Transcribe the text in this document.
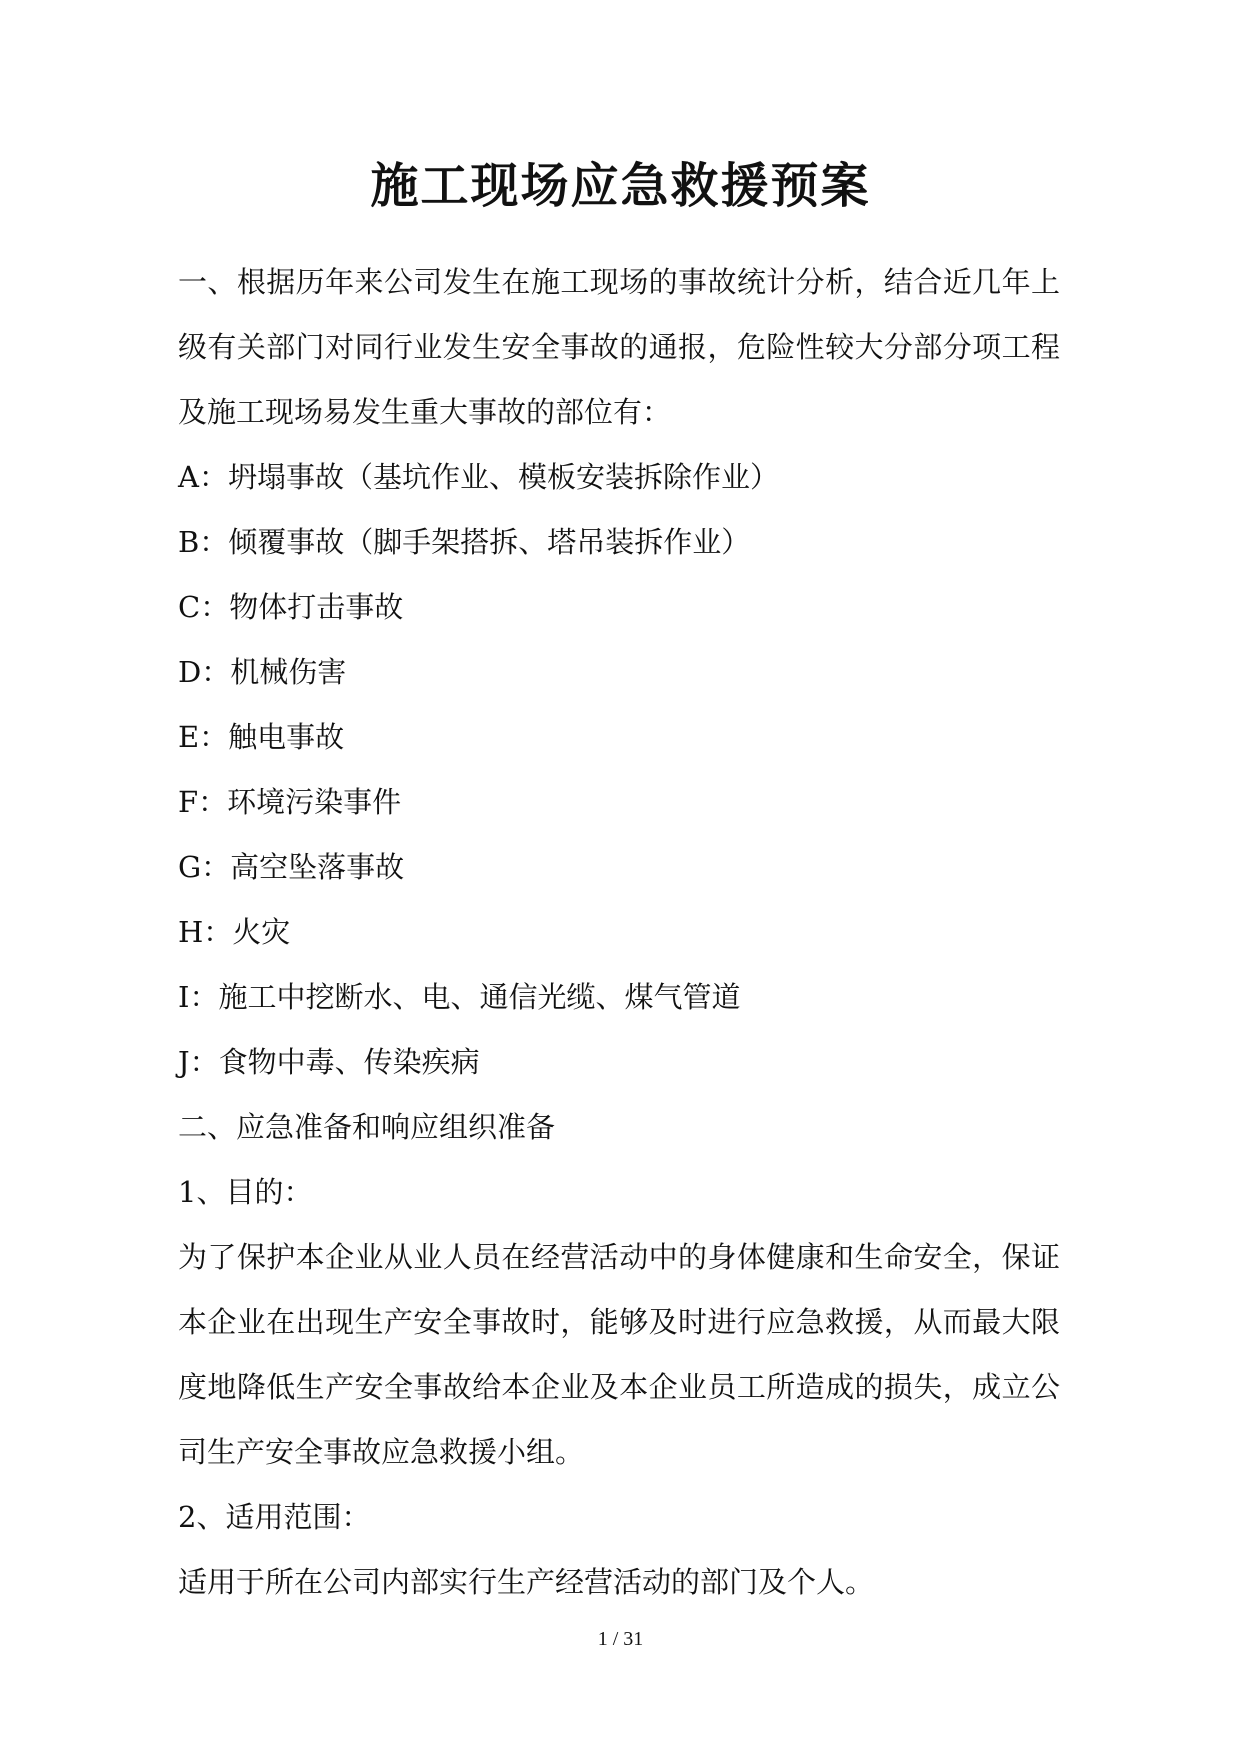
施工现场应急救援预案

一、根据历年来公司发生在施工现场的事故统计分析，结合近几年上级有关部门对同行业发生安全事故的通报，危险性较大分部分项工程及施工现场易发生重大事故的部位有：

A：坍塌事故（基坑作业、模板安装拆除作业）

B：倾覆事故（脚手架搭拆、塔吊装拆作业）

C：物体打击事故

D：机械伤害

E：触电事故

F：环境污染事件

G：高空坠落事故

H：火灾

I：施工中挖断水、电、通信光缆、煤气管道

J：食物中毒、传染疾病

二、应急准备和响应组织准备

1、目的：

为了保护本企业从业人员在经营活动中的身体健康和生命安全，保证本企业在出现生产安全事故时，能够及时进行应急救援，从而最大限度地降低生产安全事故给本企业及本企业员工所造成的损失，成立公司生产安全事故应急救援小组。

2、适用范围：

适用于所在公司内部实行生产经营活动的部门及个人。

1 / 31
